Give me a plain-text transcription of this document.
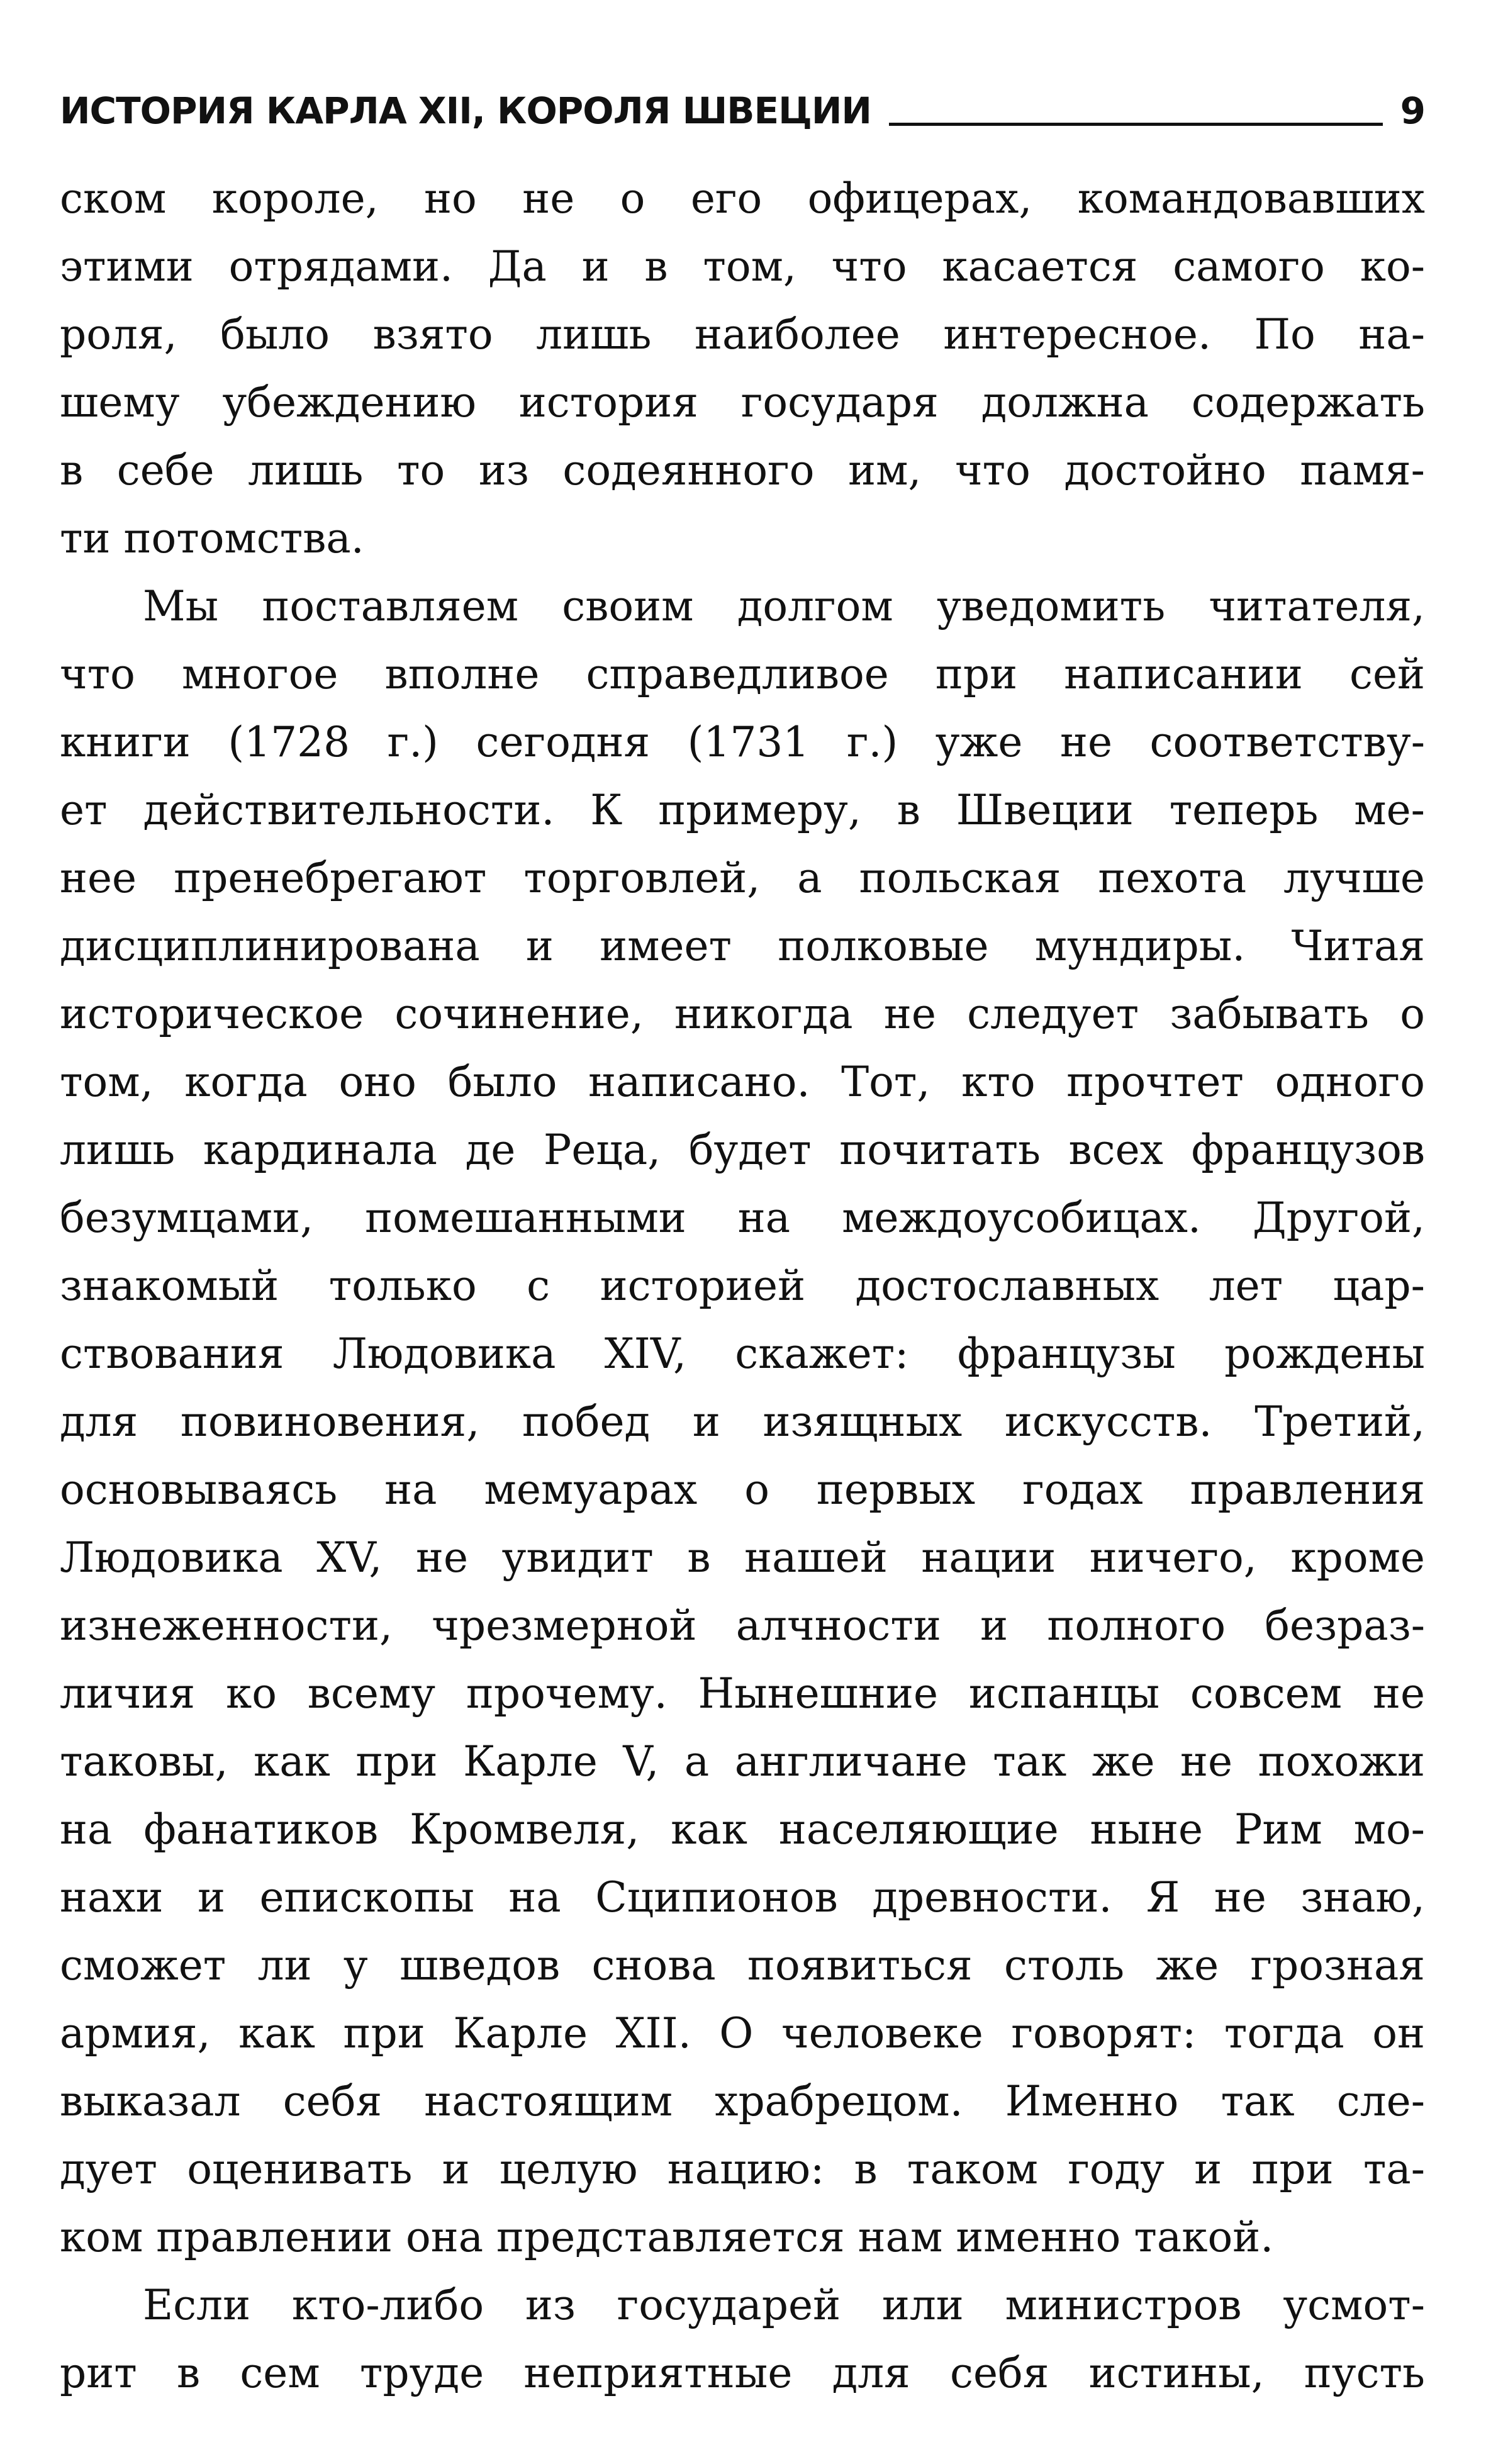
ИСТОРИЯ КАРЛА XII, КОРОЛЯ ШВЕЦИИ	9

ском короле, но не о его офицерах, командовавших
этими отрядами. Да и в том, что касается самого ко-
роля, было взято лишь наиболее интересное. По на-
шему убеждению история государя должна содержать
в себе лишь то из содеянного им, что достойно памя-
ти потомства.

Мы поставляем своим долгом уведомить читателя,
что многое вполне справедливое при написании сей
книги (1728 г.) сегодня (1731 г.) уже не соответству-
ет действительности. К примеру, в Швеции теперь ме-
нее пренебрегают торговлей, а польская пехота лучше
дисциплинирована и имеет полковые мундиры. Читая
историческое сочинение, никогда не следует забывать о
том, когда оно было написано. Тот, кто прочтет одного
лишь кардинала де Реца, будет почитать всех французов
безумцами, помешанными на междоусобицах. Другой,
знакомый только с историей достославных лет цар-
ствования Людовика XIV, скажет: французы рождены
для повиновения, побед и изящных искусств. Третий,
основываясь на мемуарах о первых годах правления
Людовика XV, не увидит в нашей нации ничего, кроме
изнеженности, чрезмерной алчности и полного безраз-
личия ко всему прочему. Нынешние испанцы совсем не
таковы, как при Карле V, а англичане так же не похожи
на фанатиков Кромвеля, как населяющие ныне Рим мо-
нахи и епископы на Сципионов древности. Я не знаю,
сможет ли у шведов снова появиться столь же грозная
армия, как при Карле XII. О человеке говорят: тогда он
выказал себя настоящим храбрецом. Именно так сле-
дует оценивать и целую нацию: в таком году и при та-
ком правлении она представляется нам именно такой.

Если кто-либо из государей или министров усмот-
рит в сем труде неприятные для себя истины, пусть
